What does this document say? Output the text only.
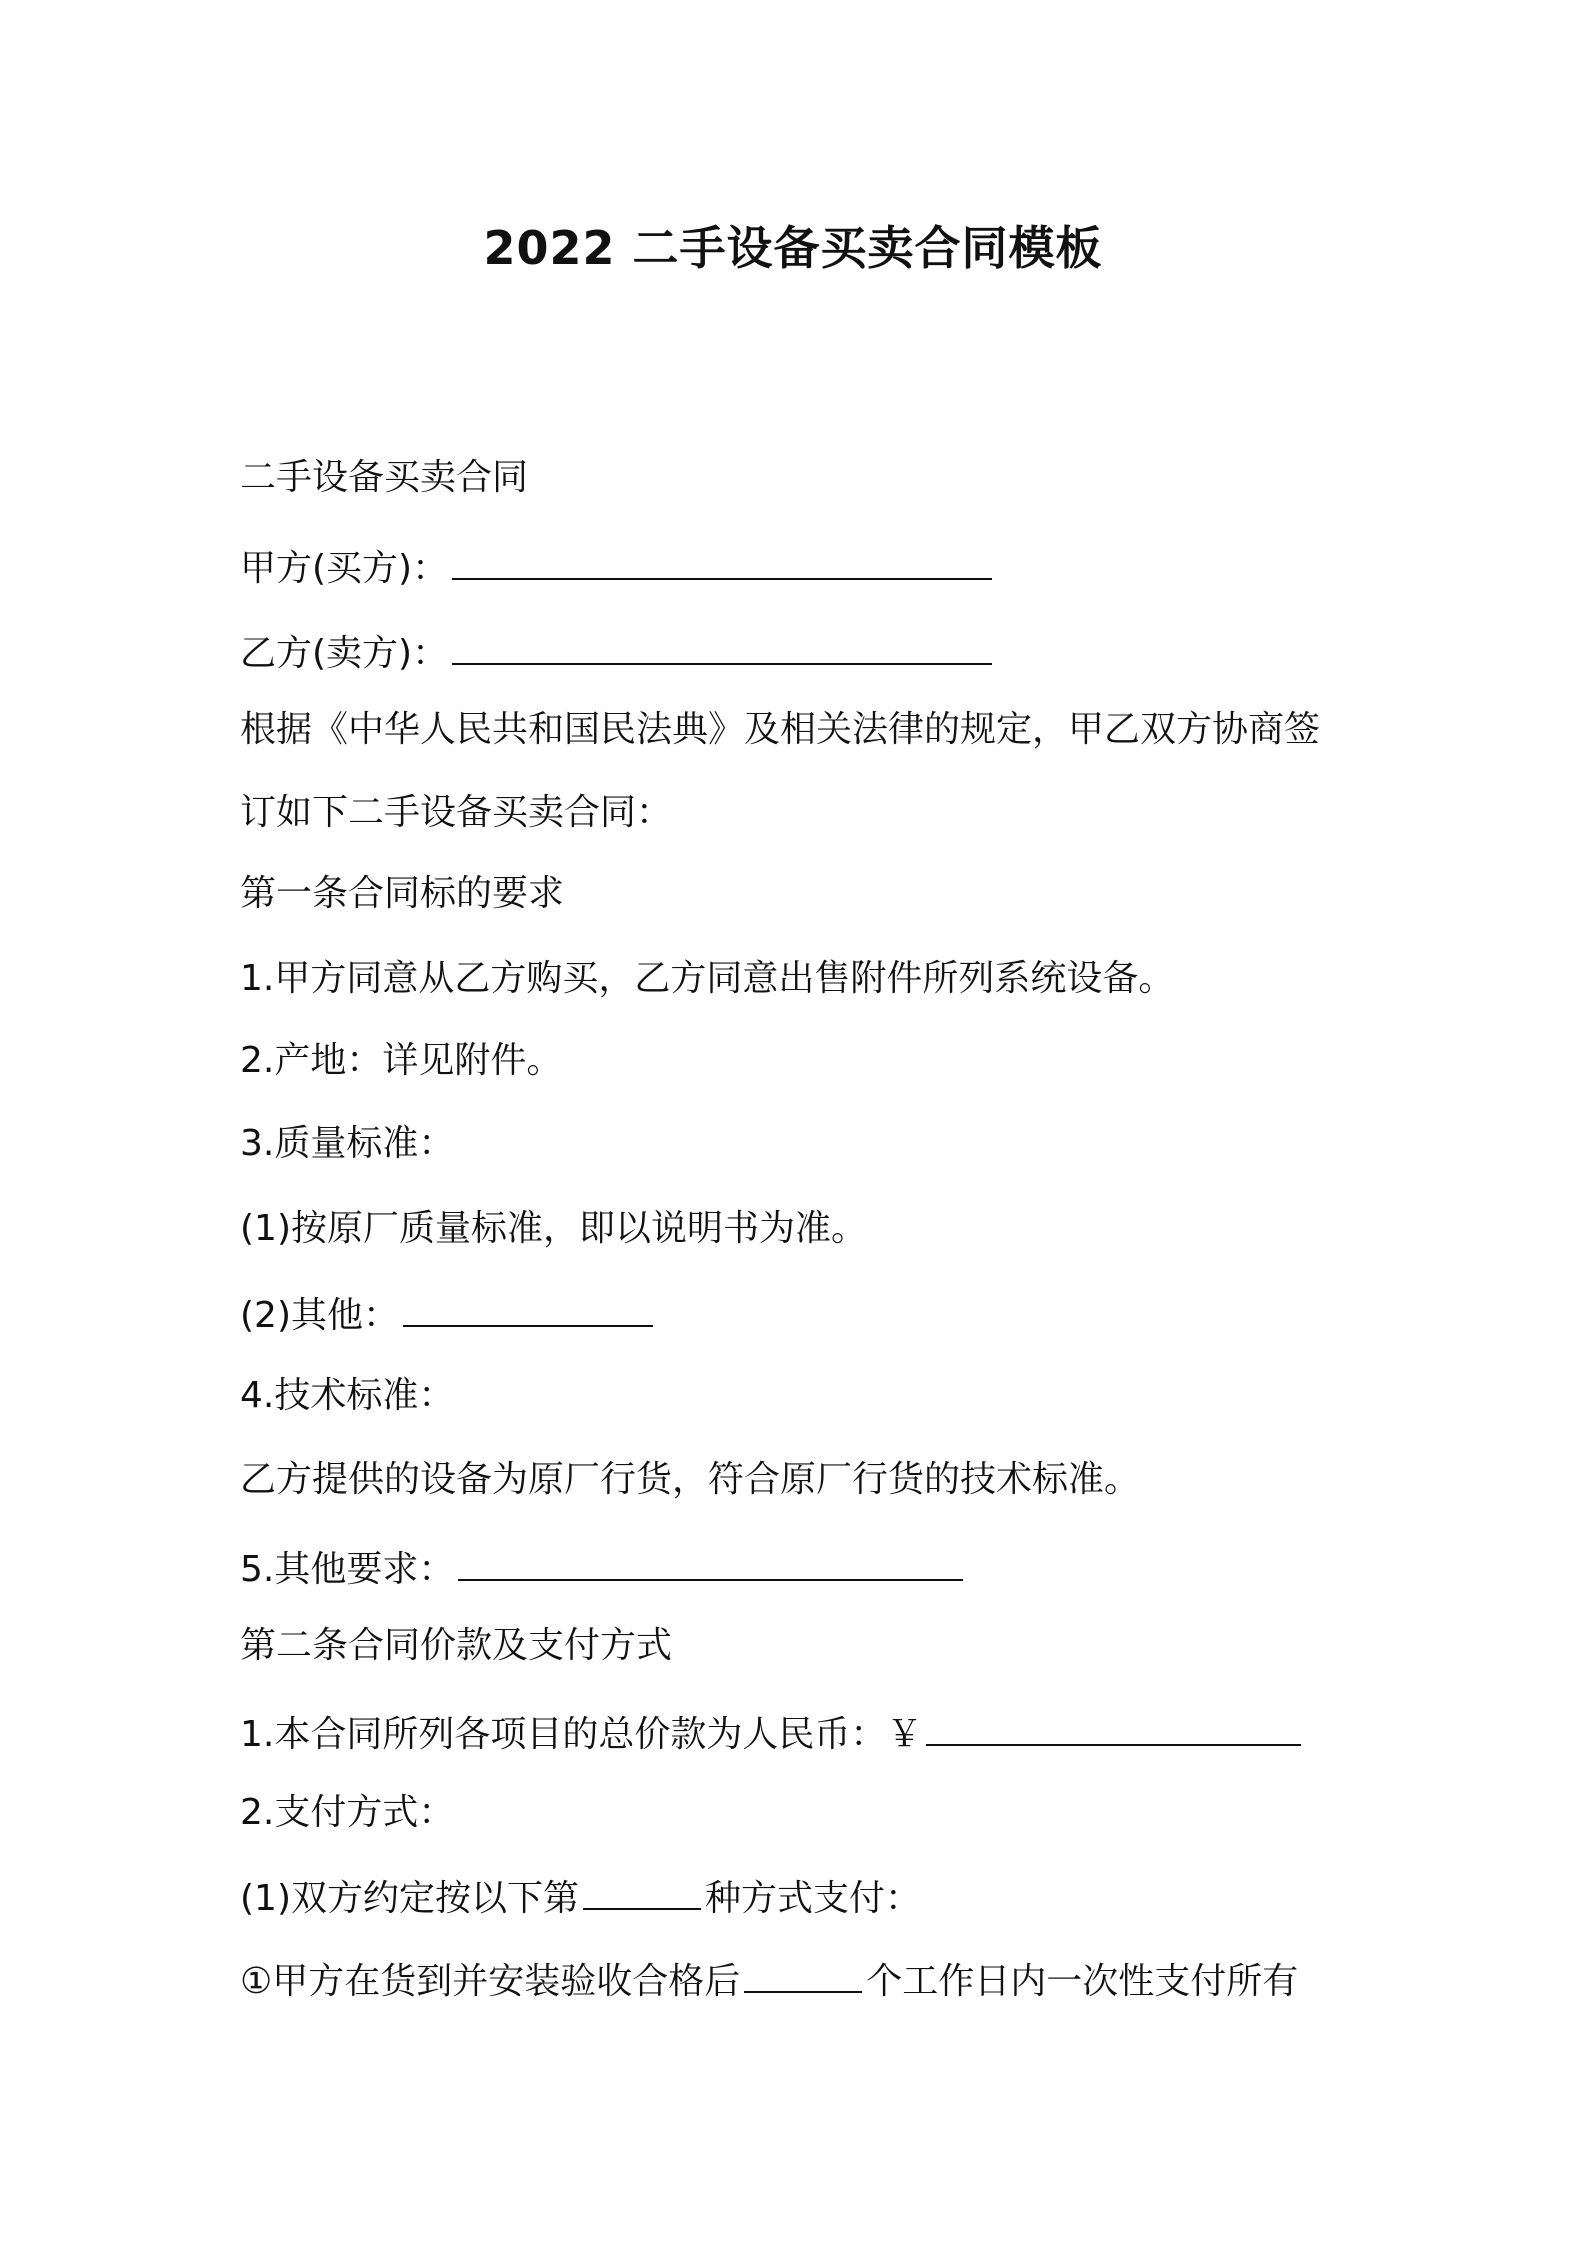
2022 二手设备买卖合同模板
二手设备买卖合同
甲方(买方)：
乙方(卖方)：
根据《中华人民共和国民法典》及相关法律的规定，甲乙双方协商签
订如下二手设备买卖合同：
第一条合同标的要求
1.甲方同意从乙方购买，乙方同意出售附件所列系统设备。
2.产地：详见附件。
3.质量标准：
(1)按原厂质量标准，即以说明书为准。
(2)其他：
4.技术标准：
乙方提供的设备为原厂行货，符合原厂行货的技术标准。
5.其他要求：
第二条合同价款及支付方式
1.本合同所列各项目的总价款为人民币：￥
2.支付方式：
(1)双方约定按以下第	种方式支付：
①甲方在货到并安装验收合格后	个工作日内一次性支付所有
